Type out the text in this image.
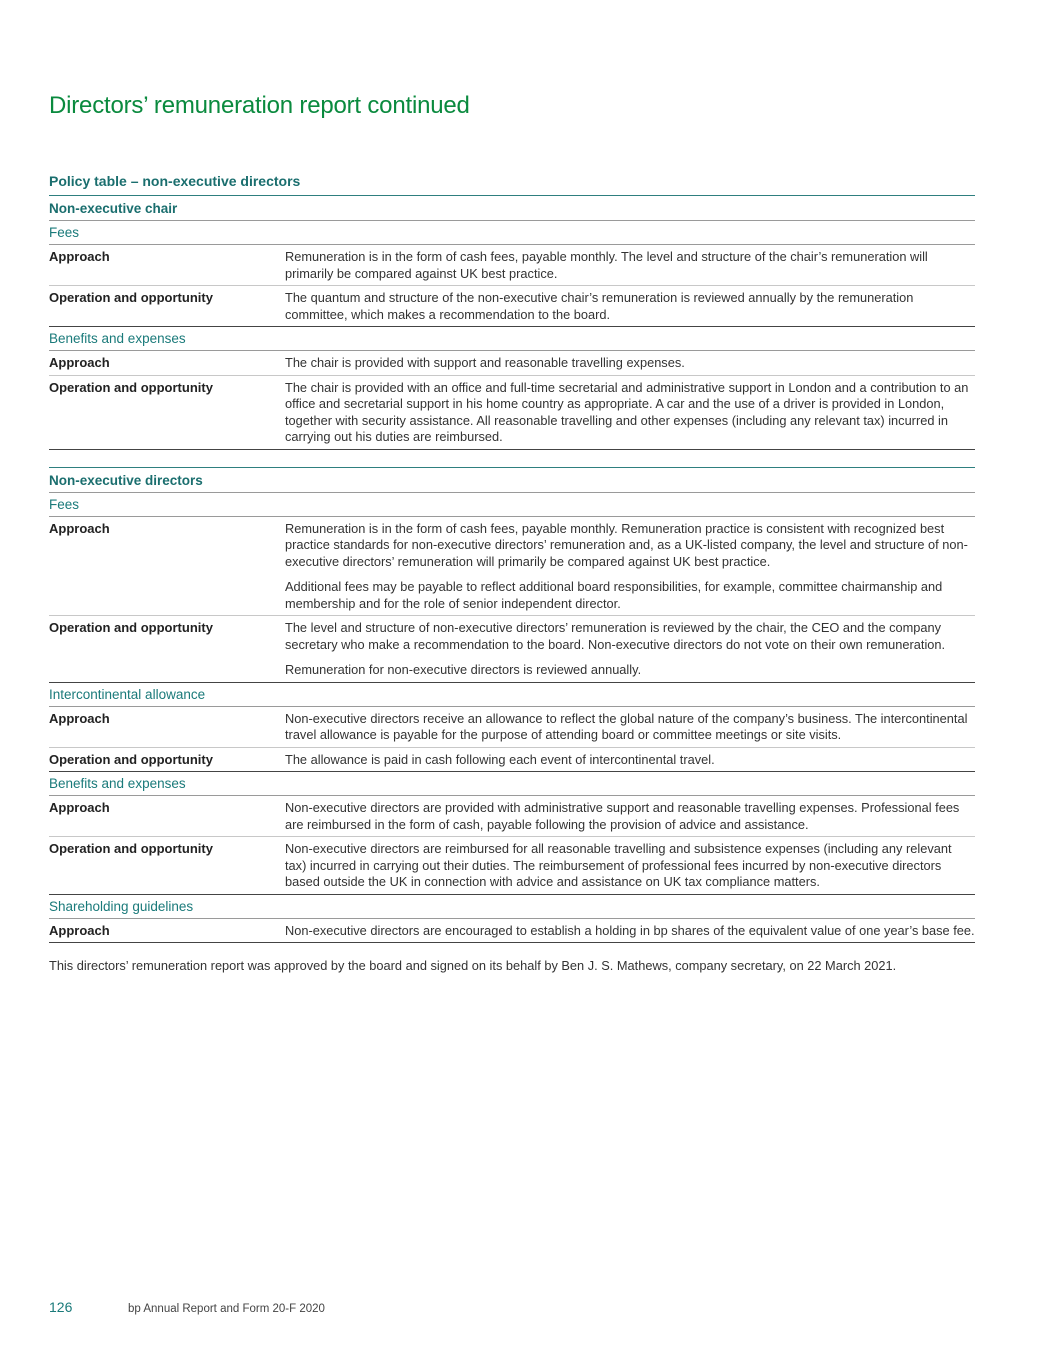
Directors’ remuneration report continued
Policy table – non-executive directors
Non-executive chair
Fees
Approach	Remuneration is in the form of cash fees, payable monthly. The level and structure of the chair’s remuneration will primarily be compared against UK best practice.

Operation and opportunity	The quantum and structure of the non-executive chair’s remuneration is reviewed annually by the remuneration committee, which makes a recommendation to the board.

Benefits and expenses
Approach	The chair is provided with support and reasonable travelling expenses.

Operation and opportunity	The chair is provided with an office and full-time secretarial and administrative support in London and a contribution to an office and secretarial support in his home country as appropriate. A car and the use of a driver is provided in London, together with security assistance. All reasonable travelling and other expenses (including any relevant tax) incurred in carrying out his duties are reimbursed.

Non-executive directors
Fees
Approach	Remuneration is in the form of cash fees, payable monthly. Remuneration practice is consistent with recognized best practice standards for non-executive directors’ remuneration and, as a UK-listed company, the level and structure of non-executive directors’ remuneration will primarily be compared against UK best practice.

Additional fees may be payable to reflect additional board responsibilities, for example, committee chairmanship and membership and for the role of senior independent director.

Operation and opportunity	The level and structure of non-executive directors’ remuneration is reviewed by the chair, the CEO and the company secretary who make a recommendation to the board. Non-executive directors do not vote on their own remuneration.

Remuneration for non-executive directors is reviewed annually.

Intercontinental allowance
Approach	Non-executive directors receive an allowance to reflect the global nature of the company’s business. The intercontinental travel allowance is payable for the purpose of attending board or committee meetings or site visits.

Operation and opportunity	The allowance is paid in cash following each event of intercontinental travel.

Benefits and expenses
Approach	Non-executive directors are provided with administrative support and reasonable travelling expenses. Professional fees are reimbursed in the form of cash, payable following the provision of advice and assistance.

Operation and opportunity	Non-executive directors are reimbursed for all reasonable travelling and subsistence expenses (including any relevant tax) incurred in carrying out their duties. The reimbursement of professional fees incurred by non-executive directors based outside the UK in connection with advice and assistance on UK tax compliance matters.

Shareholding guidelines
Approach	Non-executive directors are encouraged to establish a holding in bp shares of the equivalent value of one year’s base fee.

This directors’ remuneration report was approved by the board and signed on its behalf by Ben J. S. Mathews, company secretary, on 22 March 2021.
126	bp Annual Report and Form 20-F 2020
